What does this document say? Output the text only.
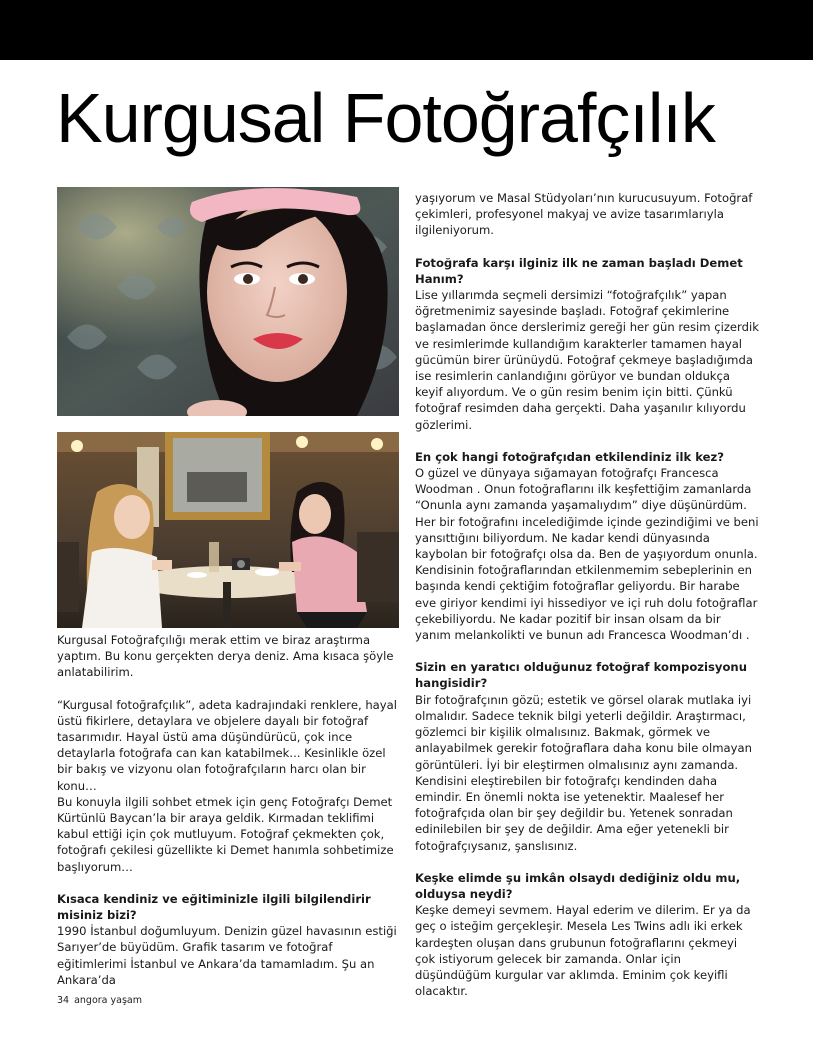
Kurgusal Fotoğrafçılık

Kurgusal Fotoğrafçılığı merak ettim ve biraz araştırma yaptım. Bu konu gerçekten derya deniz. Ama kısaca şöyle anlatabilirim.

“Kurgusal fotoğrafçılık”, adeta kadrajındaki renklere, hayal üstü fikirlere, detaylara ve objelere dayalı bir fotoğraf tasarımıdır. Hayal üstü ama düşündürücü, çok ince detaylarla fotoğrafa can kan katabilmek... Kesinlikle özel bir bakış ve vizyonu olan fotoğrafçıların harcı olan bir konu…

Bu konuyla ilgili sohbet etmek için genç Fotoğrafçı Demet Kürtünlü Baycan’la bir araya geldik. Kırmadan teklifimi kabul ettiği için çok mutluyum. Fotoğraf çekmekten çok, fotoğrafı çekilesi güzellikte ki Demet hanımla sohbetimize başlıyorum…

Kısaca kendiniz ve eğitiminizle ilgili bilgilendirir misiniz bizi?

1990 İstanbul doğumluyum. Denizin güzel havasının estiği Sarıyer’de büyüdüm. Grafik tasarım ve fotoğraf eğitimlerimi İstanbul ve Ankara’da tamamladım. Şu an Ankara’da

yaşıyorum ve Masal Stüdyoları’nın kurucusuyum. Fotoğraf çekimleri, profesyonel makyaj ve avize tasarımlarıyla ilgileniyorum.

Fotoğrafa karşı ilginiz ilk ne zaman başladı Demet Hanım?

Lise yıllarımda seçmeli dersimizi “fotoğrafçılık” yapan öğretmenimiz sayesinde başladı. Fotoğraf çekimlerine başlamadan önce derslerimiz gereği her gün resim çizerdik ve resimlerimde kullandığım karakterler tamamen hayal gücümün birer ürünüydü. Fotoğraf çekmeye başladığımda ise resimlerin canlandığını görüyor ve bundan oldukça keyif alıyordum. Ve o gün resim benim için bitti. Çünkü fotoğraf resimden daha gerçekti. Daha yaşanılır kılıyordu gözlerimi.

En çok hangi fotoğrafçıdan etkilendiniz ilk kez?

O güzel ve dünyaya sığamayan fotoğrafçı Francesca Woodman . Onun fotoğraflarını ilk keşfettiğim zamanlarda “Onunla aynı zamanda yaşamalıydım” diye düşünürdüm. Her bir fotoğrafını incelediğimde içinde gezindiğimi ve beni yansıttığını biliyordum. Ne kadar kendi dünyasında kaybolan bir fotoğrafçı olsa da. Ben de yaşıyordum onunla. Kendisinin fotoğraflarından etkilenmemim sebeplerinin en başında kendi çektiğim fotoğraflar geliyordu. Bir harabe eve giriyor kendimi iyi hissediyor ve içi ruh dolu fotoğraflar çekebiliyordu. Ne kadar pozitif bir insan olsam da bir yanım melankolikti ve bunun adı Francesca Woodman’dı .

Sizin en yaratıcı olduğunuz fotoğraf kompozisyonu hangisidir?

Bir fotoğrafçının gözü; estetik ve görsel olarak mutlaka iyi olmalıdır. Sadece teknik bilgi yeterli değildir. Araştırmacı, gözlemci bir kişilik olmalısınız. Bakmak, görmek ve anlayabilmek gerekir fotoğraflara daha konu bile olmayan görüntüleri. İyi bir eleştirmen olmalısınız aynı zamanda. Kendisini eleştirebilen bir fotoğrafçı kendinden daha emindir. En önemli nokta ise yetenektir. Maalesef her fotoğrafçıda olan bir şey değildir bu. Yetenek sonradan edinilebilen bir şey de değildir. Ama eğer yetenekli bir fotoğrafçıysanız, şanslısınız.

Keşke elimde şu imkân olsaydı dediğiniz oldu mu, olduysa neydi?

Keşke demeyi sevmem. Hayal ederim ve dilerim. Er ya da geç o isteğim gerçekleşir. Mesela Les Twins adlı iki erkek kardeşten oluşan dans grubunun fotoğraflarını çekmeyi çok istiyorum gelecek bir zamanda. Onlar için düşündüğüm kurgular var aklımda. Eminim çok keyifli olacaktır.

34 angora yaşam
